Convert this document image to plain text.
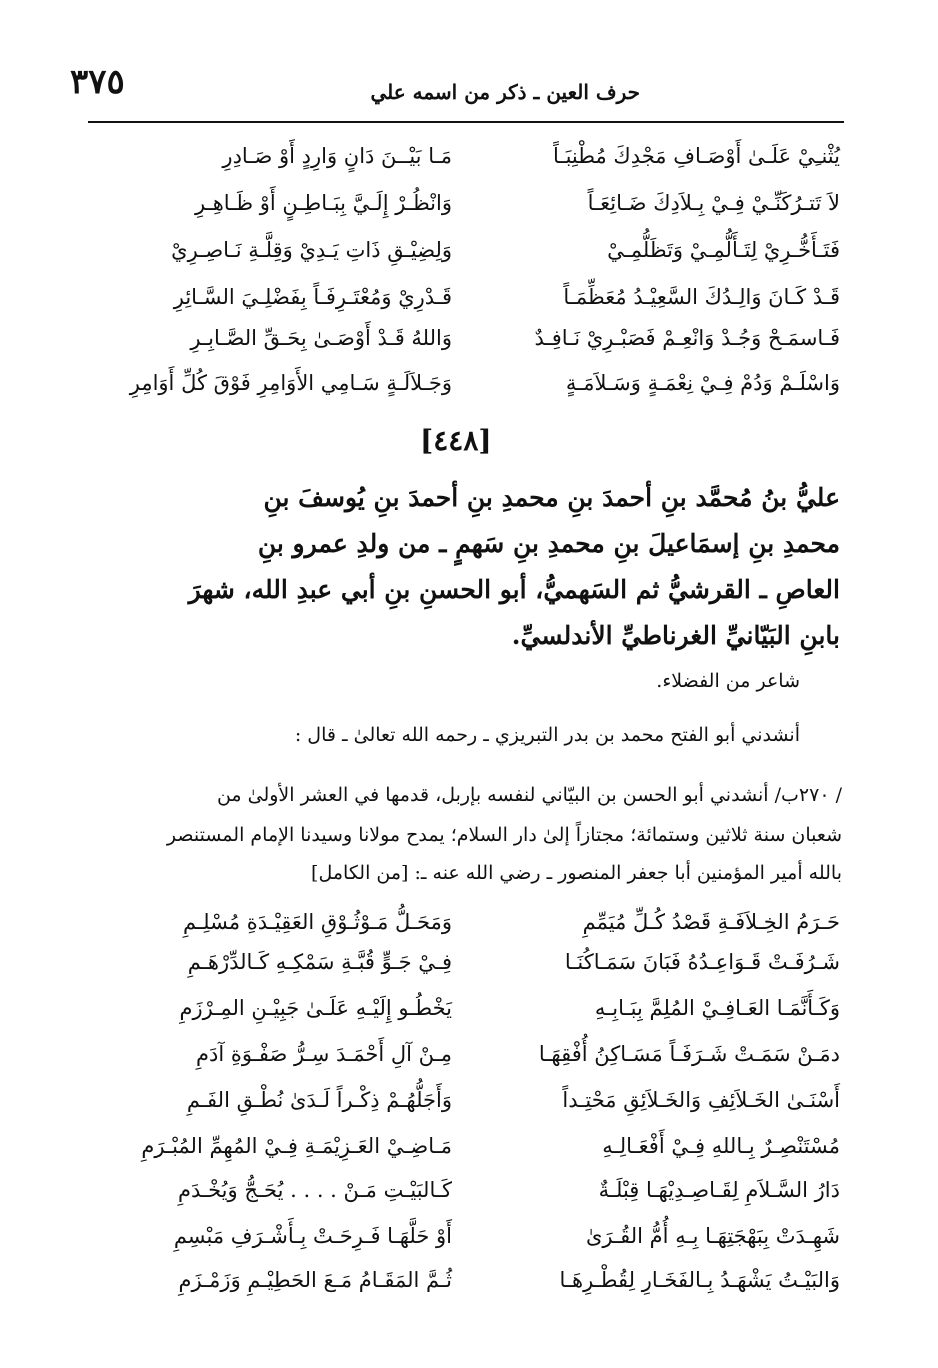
٣٧٥	حرف العين ـ ذكر من اسمه علي
يُثْنـِيْ عَلَـىٰ أَوْصَـافِ مَجْدِكَ مُطْنِبَـاً
لاَ تَتـرُكَنِّـيْ فِـيْ بِـلاَدِكَ ضَـائِعَـاً
فَتَـأَخُّـرِيْ لِتَـأَلُّمِـيْ وَتَظَلُّمِـيْ
قَـدْ كَـانَ وَالِـدُكَ السَّعِيْـدُ مُعَظِّمَـاً
فَـاسمَـحْ وَجُـدْ وَانْعِـمْ فَصَبْـرِيْ نَـافِـدٌ
وَاسْلَـمْ وَدُمْ فِـيْ نِعْمَـةٍ وَسَـلاَمَـةٍ
مَـا بَيْــنَ دَانٍ وَارِدٍ أَوْ صَـادِرِ
وَانْظُـرْ إِلَـيَّ بِبَـاطِـنٍ أَوْ ظَـاهِـرِ
وَلِضِيْـقِ ذَاتِ يَـدِيْ وَقِلَّـةِ نَـاصِـرِيْ
قَـدْرِيْ وَمُعْتَـرِفَـاً بِفَضْلِـيَ السَّـائِرِ
وَاللهُ قَـدْ أَوْصَـىٰ بِحَـقِّ الصَّـابِـرِ
وَجَـلاَلَـةٍ سَـامِي الأَوَامِرِ فَوْقَ كُلِّ أَوَامِرِ
[٤٤٨]
عليُّ بنُ مُحمَّد بنِ أحمدَ بنِ محمدِ بنِ أحمدَ بنِ يُوسفَ بنِ
محمدِ بنِ إسمَاعيلَ بنِ محمدِ بنِ سَهمٍ ـ من ولدِ عمرو بنِ
العاصِ ـ القرشيُّ ثم السَهميُّ، أبو الحسنِ بنِ أبي عبدِ الله، شهرَ
بابنِ البَيّانيِّ الغرناطيِّ الأندلسيِّ.
شاعر من الفضلاء.
أنشدني أبو الفتح محمد بن بدر التبريزي ـ رحمه الله تعالىٰ ـ قال :
/ ٢٧٠ب/ أنشدني أبو الحسن بن البيّاني لنفسه بإربل، قدمها في العشر الأولىٰ من
شعبان سنة ثلاثين وستمائة؛ مجتازاً إلىٰ دار السلام؛ يمدح مولانا وسيدنا الإمام المستنصر
بالله أمير المؤمنين أبا جعفر المنصور ـ رضي الله عنه ـ: [من الكامل]
حَـرَمُ الخِـلاَفَـةِ قَصْدُ كُـلِّ مُيَمِّمِ
شَـرُفَـتْ قَـوَاعِـدُهُ فَبَانَ سَمَـاكُنَـا
وَكَـأَنَّمَـا العَـافِـيْ المُلِمَّ بِبَـابِـهِ
دمَـنْ سَمَـتْ شَـرَفَـاً مَسَـاكِنُ أُفْقِهَـا
أَسْنَـىٰ الخَـلاَئِفِ وَالخَـلاَئِقِ مَحْتِـداً
مُسْتَنْصِـرٌ بِـاللهِ فِـيْ أَفْعَـالِـهِ
دَارُ السَّـلاَمِ لِقَـاصِـدِيْهَـا قِبْلَـةٌ
شَهِـدَتْ بِبَهْجَتِهَـا بِـهِ أُمُّ القُـرَىٰ
وَالبَيْـتُ يَشْهَـدُ بِـالفَخَـارِ لِقُطْـرِهَـا
وَمَحَـلُّ مَـوْثُـوْقِ العَقِيْـدَةِ مُسْلِـمِ
فِـيْ جَـوٍّ قُبَّـةِ سَمْكِـهِ كَـالدِّرْهَـمِ
يَخْطُـو إِلَيْـهِ عَلَـىٰ جَبِيْـنِ المِـرْزَمِ
مِـنْ آلِ أَحْمَـدَ سِـرُّ صَفْـوَةِ آدَمِ
وَأَجَلُّهُـمْ ذِكْـراً لَـدَىٰ نُطْـقِ الفَـمِ
مَـاضِـيْ العَـزِيْمَـةِ فِـيْ المُهِمِّ المُبْـرَمِ
كَـالبَيْـتِ مَـنْ . . . . يُحَـجُّ وَيُخْـدَمِ
أَوْ حَلَّهَـا فَـرِحَـتْ بِـأَشْـرَفِ مَبْسِمِ
ثُـمَّ المَقَـامُ مَـعَ الحَطِيْـمِ وَزَمْـزَمِ
